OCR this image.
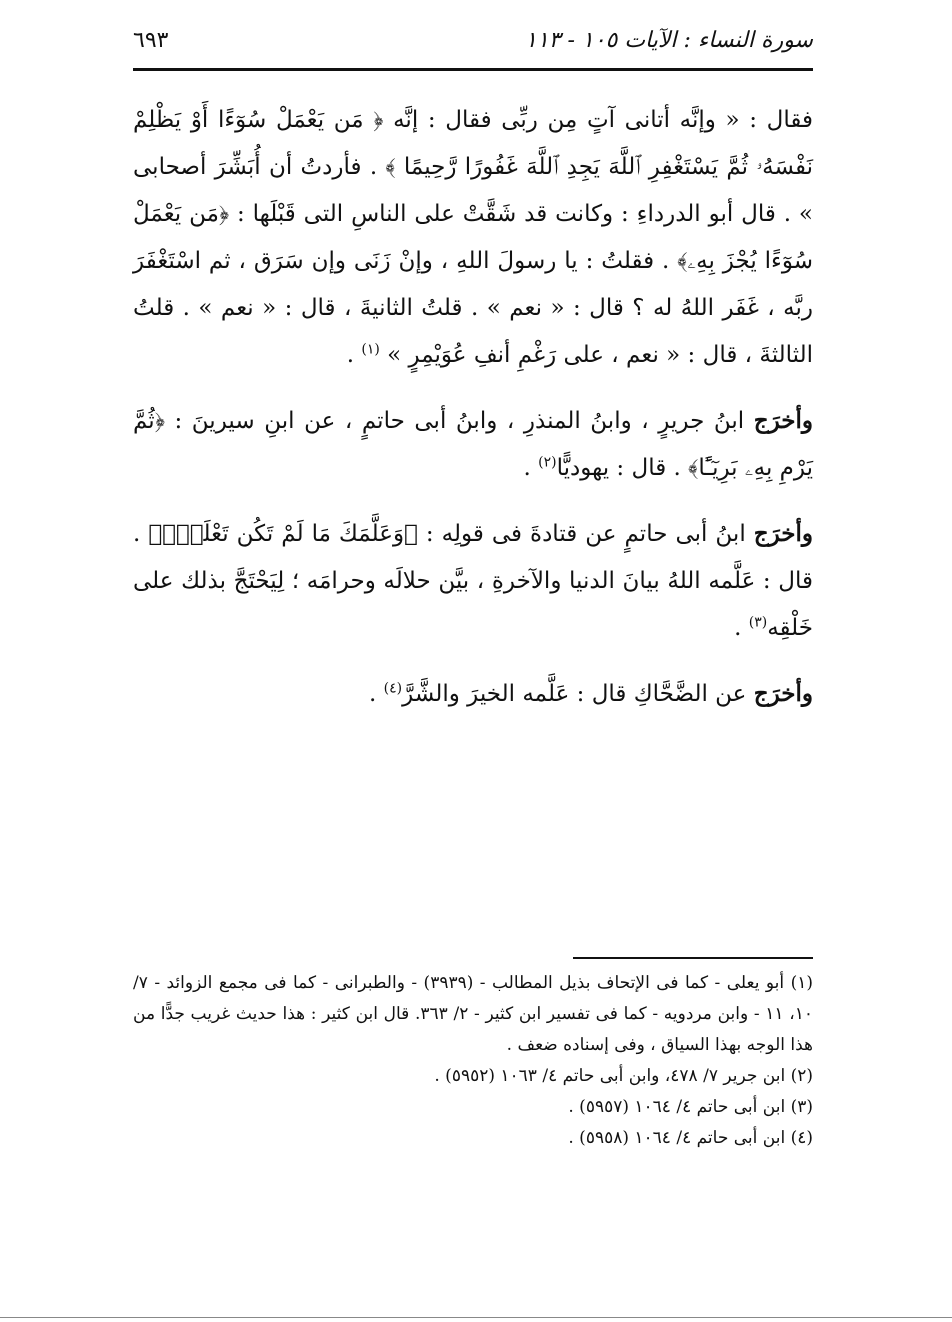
سورة النساء : الآيات ١٠٥ - ١١٣
٦٩٣

فقال : « وإنَّه أتانى آتٍ مِن ربِّى فقال : إنَّه ﴿ مَن يَعْمَلْ سُوٓءًا أَوْ يَظْلِمْ نَفْسَهُۥ ثُمَّ يَسْتَغْفِرِ ٱللَّهَ يَجِدِ ٱللَّهَ غَفُورًا رَّحِيمًا ﴾ . فأردتُ أن أُبَشِّرَ أصحابى » . قال أبو الدرداءِ : وكانت قد شَقَّتْ على الناسِ التى قَبْلَها : ﴿مَن يَعْمَلْ سُوٓءًا يُجْزَ بِهِۦ﴾ . فقلتُ : يا رسولَ اللهِ ، وإنْ زَنَى وإن سَرَق ، ثم اسْتَغْفَرَ ربَّه ، غَفَر اللهُ له ؟ قال : « نعم » . قلتُ الثانيةَ ، قال : « نعم » . قلتُ الثالثةَ ، قال : « نعم ، على رَغْمِ أنفِ عُوَيْمِرٍ » $^{(١)}$ .

وأخرَج ابنُ جريرٍ ، وابنُ المنذرِ ، وابنُ أبى حاتمٍ ، عن ابنِ سيرينَ : ﴿ثُمَّ يَرْمِ بِهِۦ بَرِيٓـًٔا﴾ . قال : يهوديًّا$^{(٢)}$ .

وأخرَج ابنُ أبى حاتمٍ عن قتادةَ فى قولِه : ﴿وَعَلَّمَكَ مَا لَمْ تَكُن تَعْلَمُۚ﴾ . قال : عَلَّمه اللهُ بيانَ الدنيا والآخرةِ ، بيَّن حلالَه وحرامَه ؛ لِيَحْتَجَّ بذلك على خَلْقِه$^{(٣)}$ .

وأخرَج عن الضَّحَّاكِ قال : عَلَّمه الخيرَ والشَّرَّ$^{(٤)}$ .

(١) أبو يعلى - كما فى الإتحاف بذيل المطالب - (٣٩٣٩) - والطبرانى - كما فى مجمع الزوائد - ٧/ ١٠، ١١ - وابن مردويه - كما فى تفسير ابن كثير - ٢/ ٣٦٣. قال ابن كثير : هذا حديث غريب جدًّا من هذا الوجه بهذا السياق ، وفى إسناده ضعف .

(٢) ابن جرير ٧/ ٤٧٨، وابن أبى حاتم ٤/ ١٠٦٣ (٥٩٥٢) .

(٣) ابن أبى حاتم ٤/ ١٠٦٤ (٥٩٥٧) .

(٤) ابن أبى حاتم ٤/ ١٠٦٤ (٥٩٥٨) .
